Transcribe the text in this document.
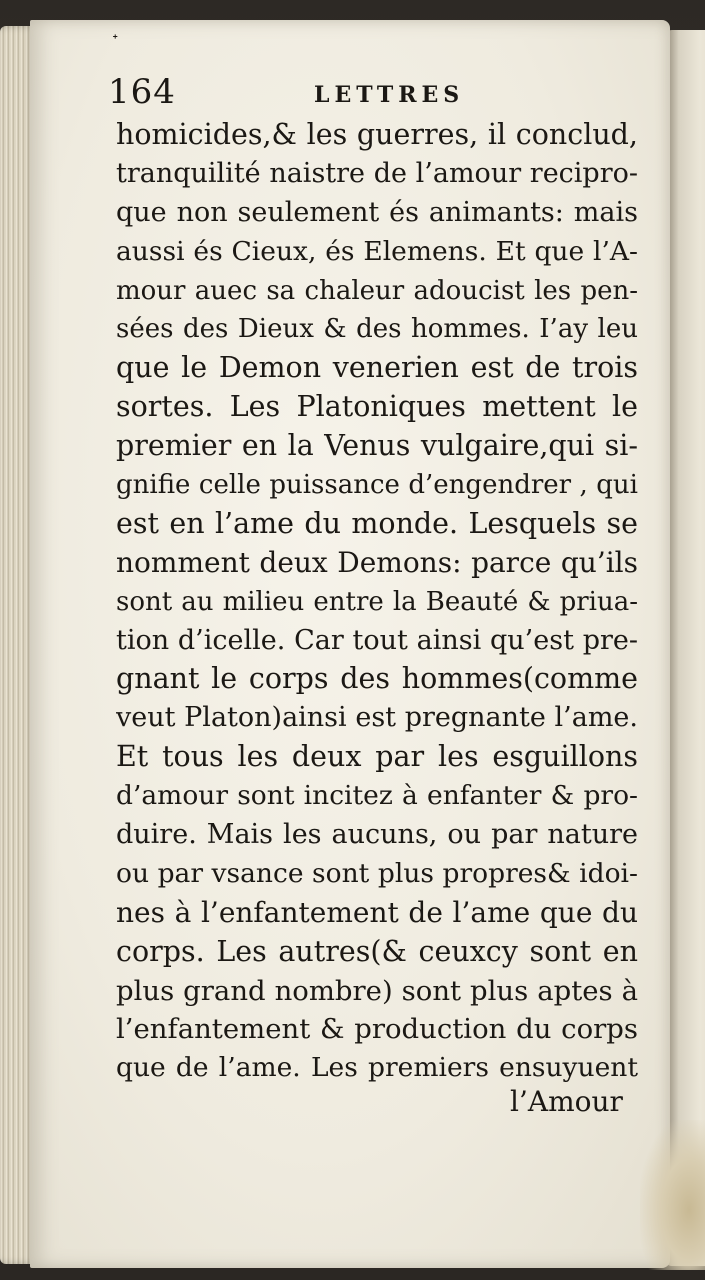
ᐩ
164	LETTRES
homicides,& les guerres, il conclud,
tranquilité naistre de l’amour recipro-
que non seulement és animants: mais
aussi és Cieux, és Elemens. Et que l’A-
mour auec sa chaleur adoucist les pen-
sées des Dieux & des hommes. I’ay leu
que le Demon venerien est de trois
sortes. Les Platoniques mettent le
premier en la Venus vulgaire,qui si-
gnifie celle puissance d’engendrer , qui
est en l’ame du monde. Lesquels se
nomment deux Demons: parce qu’ils
sont au milieu entre la Beauté & priua-
tion d’icelle. Car tout ainsi qu’est pre-
gnant le corps des hommes(comme
veut Platon)ainsi est pregnante l’ame.
Et tous les deux par les esguillons
d’amour sont incitez à enfanter & pro-
duire. Mais les aucuns, ou par nature
ou par vsance sont plus propres& idoi-
nes à l’enfantement de l’ame que du
corps. Les autres(& ceuxcy sont en
plus grand nombre) sont plus aptes à
l’enfantement & production du corps
que de l’ame. Les premiers ensuyuent
l’Amour
